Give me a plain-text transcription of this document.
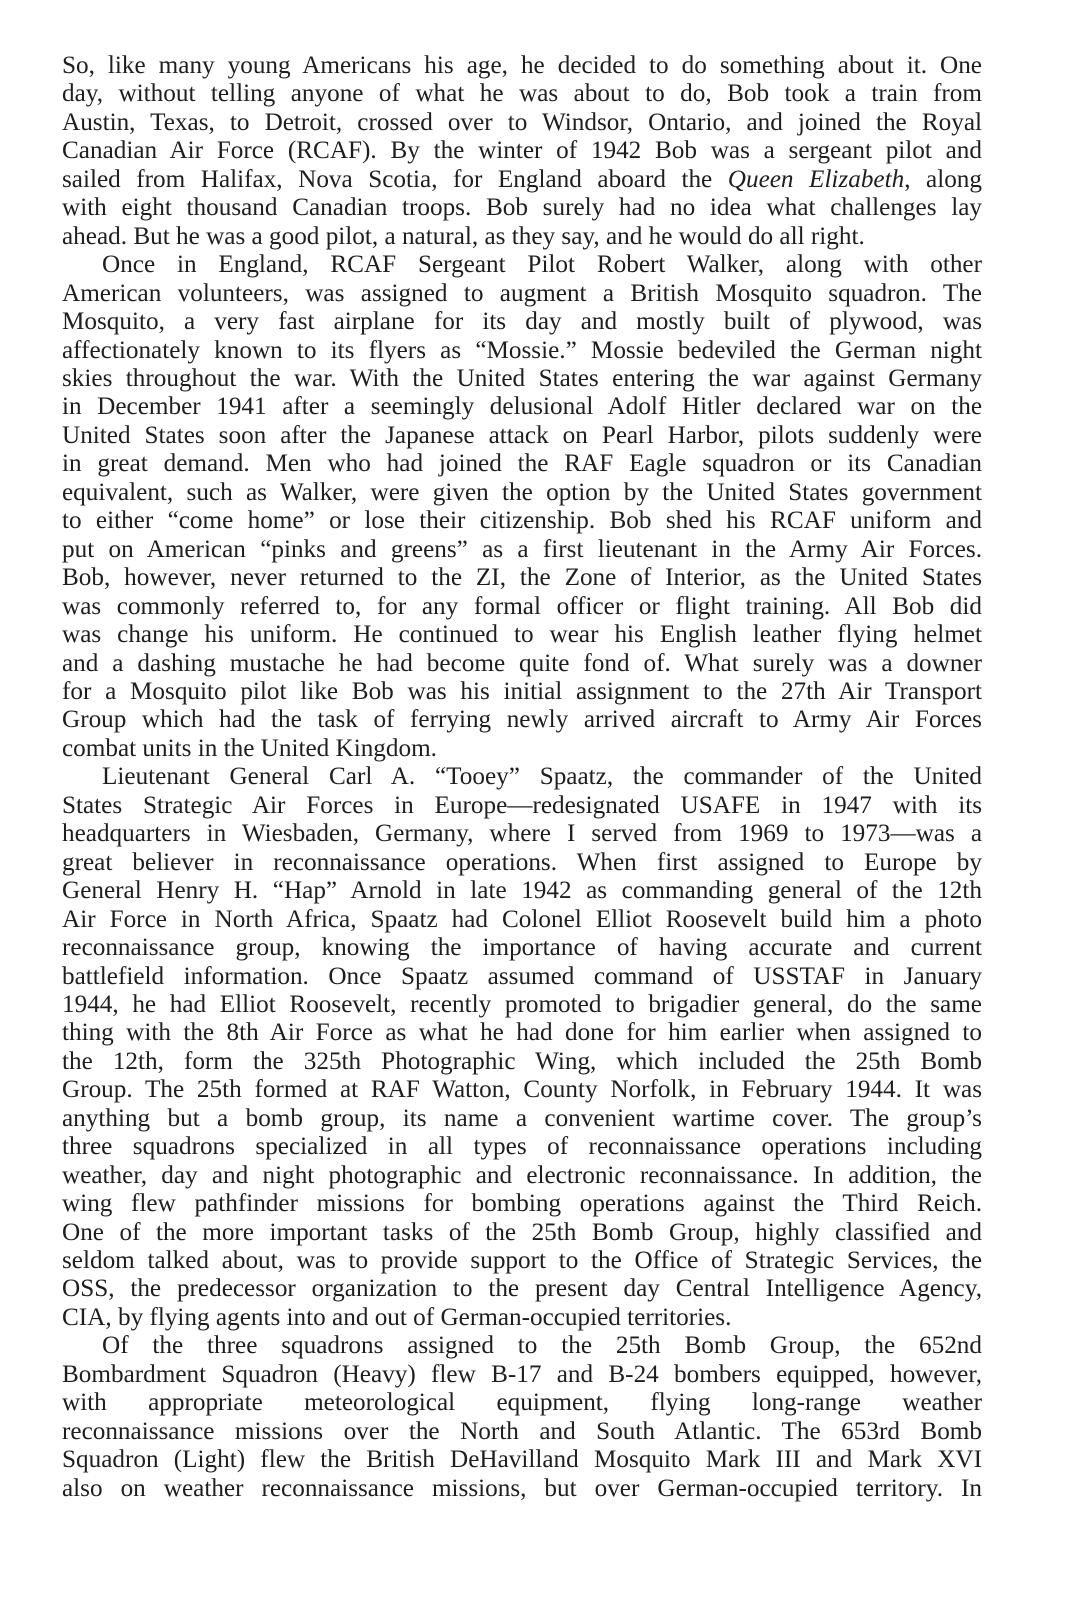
So, like many young Americans his age, he decided to do something about it. One
day, without telling anyone of what he was about to do, Bob took a train from
Austin, Texas, to Detroit, crossed over to Windsor, Ontario, and joined the Royal
Canadian Air Force (RCAF). By the winter of 1942 Bob was a sergeant pilot and
sailed from Halifax, Nova Scotia, for England aboard the Queen Elizabeth, along
with eight thousand Canadian troops. Bob surely had no idea what challenges lay
ahead. But he was a good pilot, a natural, as they say, and he would do all right.

Once in England, RCAF Sergeant Pilot Robert Walker, along with other
American volunteers, was assigned to augment a British Mosquito squadron. The
Mosquito, a very fast airplane for its day and mostly built of plywood, was
affectionately known to its flyers as “Mossie.” Mossie bedeviled the German night
skies throughout the war. With the United States entering the war against Germany
in December 1941 after a seemingly delusional Adolf Hitler declared war on the
United States soon after the Japanese attack on Pearl Harbor, pilots suddenly were
in great demand. Men who had joined the RAF Eagle squadron or its Canadian
equivalent, such as Walker, were given the option by the United States government
to either “come home” or lose their citizenship. Bob shed his RCAF uniform and
put on American “pinks and greens” as a first lieutenant in the Army Air Forces.
Bob, however, never returned to the ZI, the Zone of Interior, as the United States
was commonly referred to, for any formal officer or flight training. All Bob did
was change his uniform. He continued to wear his English leather flying helmet
and a dashing mustache he had become quite fond of. What surely was a downer
for a Mosquito pilot like Bob was his initial assignment to the 27th Air Transport
Group which had the task of ferrying newly arrived aircraft to Army Air Forces
combat units in the United Kingdom.

Lieutenant General Carl A. “Tooey” Spaatz, the commander of the United
States Strategic Air Forces in Europe—redesignated USAFE in 1947 with its
headquarters in Wiesbaden, Germany, where I served from 1969 to 1973—was a
great believer in reconnaissance operations. When first assigned to Europe by
General Henry H. “Hap” Arnold in late 1942 as commanding general of the 12th
Air Force in North Africa, Spaatz had Colonel Elliot Roosevelt build him a photo
reconnaissance group, knowing the importance of having accurate and current
battlefield information. Once Spaatz assumed command of USSTAF in January
1944, he had Elliot Roosevelt, recently promoted to brigadier general, do the same
thing with the 8th Air Force as what he had done for him earlier when assigned to
the 12th, form the 325th Photographic Wing, which included the 25th Bomb
Group. The 25th formed at RAF Watton, County Norfolk, in February 1944. It was
anything but a bomb group, its name a convenient wartime cover. The group’s
three squadrons specialized in all types of reconnaissance operations including
weather, day and night photographic and electronic reconnaissance. In addition, the
wing flew pathfinder missions for bombing operations against the Third Reich.
One of the more important tasks of the 25th Bomb Group, highly classified and
seldom talked about, was to provide support to the Office of Strategic Services, the
OSS, the predecessor organization to the present day Central Intelligence Agency,
CIA, by flying agents into and out of German-occupied territories.

Of the three squadrons assigned to the 25th Bomb Group, the 652nd
Bombardment Squadron (Heavy) flew B-17 and B-24 bombers equipped, however,
with appropriate meteorological equipment, flying long-range weather
reconnaissance missions over the North and South Atlantic. The 653rd Bomb
Squadron (Light) flew the British DeHavilland Mosquito Mark III and Mark XVI
also on weather reconnaissance missions, but over German-occupied territory. In
